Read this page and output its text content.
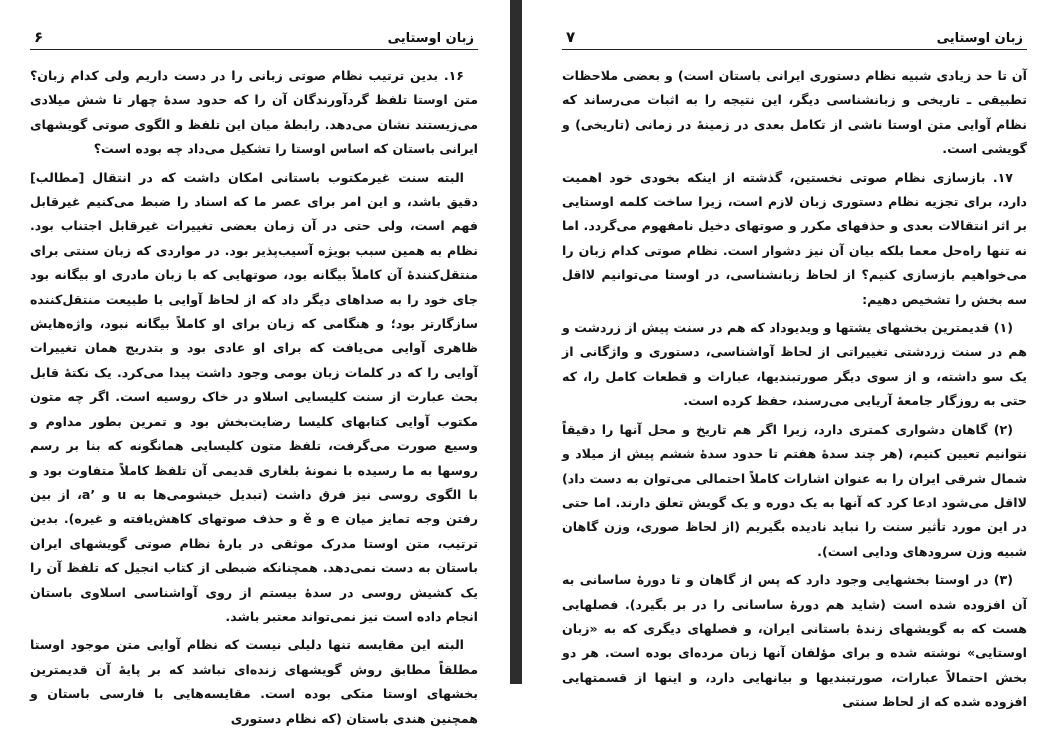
زبان اوستایی
۶

۱۶. بدین ترتیب نظام صوتی زبانی را در دست داریم ولی کدام زبان؟ متن اوستا تلفظ گردآورندگان آن را که حدود سدهٔ چهار تا شش میلادی می‌زیستند نشان می‌دهد. رابطهٔ میان این تلفظ و الگوی صوتی گویشهای ایرانی باستان که اساس اوستا را تشکیل می‌داد چه بوده است؟

البته سنت غیرمکتوب باستانی امکان داشت که در انتقال [مطالب] دقیق باشد، و این امر برای عصر ما که اسناد را ضبط می‌کنیم غیرقابل فهم است، ولی حتی در آن زمان بعضی تغییرات غیرقابل اجتناب بود. نظام به همین سبب بویژه آسیب‌پذیر بود. در مواردی که زبان سنتی برای منتقل‌کنندهٔ آن کاملاً بیگانه بود، صوتهایی که با زبان مادری او بیگانه بود جای خود را به صداهای دیگر داد که از لحاظ آوایی با طبیعت منتقل‌کننده سازگارتر بود؛ و هنگامی که زبان برای او کاملاً بیگانه نبود، واژه‌هایش ظاهری آوایی می‌یافت که برای او عادی بود و بتدریج همان تغییرات آوایی را که در کلمات زبان بومی وجود داشت پیدا می‌کرد. یک نکتهٔ قابل بحث عبارت از سنت کلیسایی اسلاو در خاک روسیه است. اگر چه متون مکتوب آوایی کتابهای کلیسا رضایت‌بخش بود و تمرین بطور مداوم و وسیع صورت می‌گرفت، تلفظ متون کلیسایی همانگونه که بنا بر رسم روسها به ما رسیده با نمونهٔ بلغاری قدیمی آن تلفظ کاملاً متفاوت بود و با الگوی روسی نیز فرق داشت (تبدیل خیشومی‌ها به u و ’a، از بین رفتن وجه تمایز میان e و ě و حذف صوتهای کاهش‌یافته و غیره). بدین ترتیب، متن اوستا مدرک موثقی در بارهٔ نظام صوتی گویشهای ایران باستان به دست نمی‌دهد. همچنانکه ضبطی از کتاب انجیل که تلفظ آن را یک کشیش روسی در سدهٔ بیستم از روی آواشناسی اسلاوی باستان انجام داده است نیز نمی‌تواند معتبر باشد.

البته این مقایسه تنها دلیلی نیست که نظام آوایی متن موجود اوستا مطلقاً مطابق روش گویشهای زنده‌ای نباشد که بر پایهٔ آن قدیمترین بخشهای اوستا متکی بوده است. مقایسه‌هایی با فارسی باستان و همچنین هندی باستان (که نظام دستوری

زبان اوستایی
۷

آن تا حد زیادی شبیه نظام دستوری ایرانی باستان است) و بعضی ملاحظات تطبیقی ـ تاریخی و زبانشناسی دیگر، این نتیجه را به اثبات می‌رساند که نظام آوایی متن اوستا ناشی از تکامل بعدی در زمینهٔ در زمانی (تاریخی) و گویشی است.

۱۷. بازسازی نظام صوتی نخستین، گذشته از اینکه بخودی خود اهمیت دارد، برای تجزیه نظام دستوری زبان لازم است، زیرا ساخت کلمه اوستایی بر اثر انتقالات بعدی و حذفهای مکرر و صوتهای دخیل نامفهوم می‌گردد. اما نه تنها راه‌حل معما بلکه بیان آن نیز دشوار است. نظام صوتی کدام زبان را می‌خواهیم بازسازی کنیم؟ از لحاظ زبانشناسی، در اوستا می‌توانیم لااقل سه بخش را تشخیص دهیم:

(۱) قدیمترین بخشهای یشتها و ویدیوداد که هم در سنت پیش از زردشت و هم در سنت زردشتی تغییراتی از لحاظ آواشناسی، دستوری و واژگانی از یک سو داشته، و از سوی دیگر صورتبندیها، عبارات و قطعات کامل را، که حتی به روزگار جامعهٔ آریایی می‌رسند، حفظ کرده است.

(۲) گاهان دشواری کمتری دارد، زیرا اگر هم تاریخ و محل آنها را دقیقاً نتوانیم تعیین کنیم، (هر چند سدهٔ هفتم تا حدود سدهٔ ششم پیش از میلاد و شمال شرقی ایران را به عنوان اشارات کاملاً احتمالی می‌توان به دست داد) لااقل می‌شود ادعا کرد که آنها به یک دوره و یک گویش تعلق دارند. اما حتی در این مورد تأثیر سنت را نباید نادیده بگیریم (از لحاظ صوری، وزن گاهان شبیه وزن سرودهای ودایی است).

(۳) در اوستا بخشهایی وجود دارد که پس از گاهان و تا دورهٔ ساسانی به آن افزوده شده است (شاید هم دورهٔ ساسانی را در بر بگیرد). فصلهایی هست که به گویشهای زندهٔ باستانی ایران، و فصلهای دیگری که به «زبان اوستایی» نوشته شده و برای مؤلفان آنها زبان مرده‌ای بوده است. هر دو بخش احتمالاً عبارات، صورتبندیها و بیانهایی دارد، و اینها از قسمتهایی افزوده شده که از لحاظ سنتی
